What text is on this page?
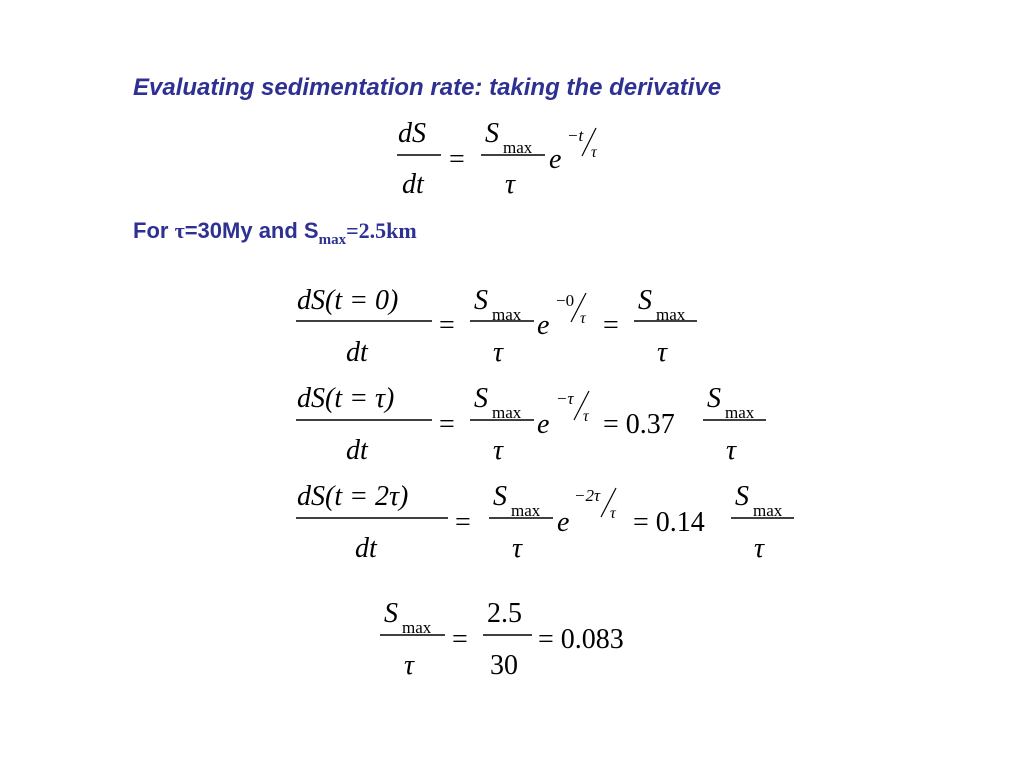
Evaluating sedimentation rate: taking the derivative
For τ=30My and $S_{max}=2.5km$
dS
dt
=
S max
τ
e
−t
τ
dS(t = 0)
dt
=
S max
τ
e
−0
τ =
S max
τ
dS(t = τ)
dt
=
S max
τ
e
−τ
τ = 0.37
S max
τ
dS(t = 2τ)
dt
=
S max
τ
e
−2τ
τ = 0.14
S max
τ
S max
τ
=
2.5
30
= 0.083
